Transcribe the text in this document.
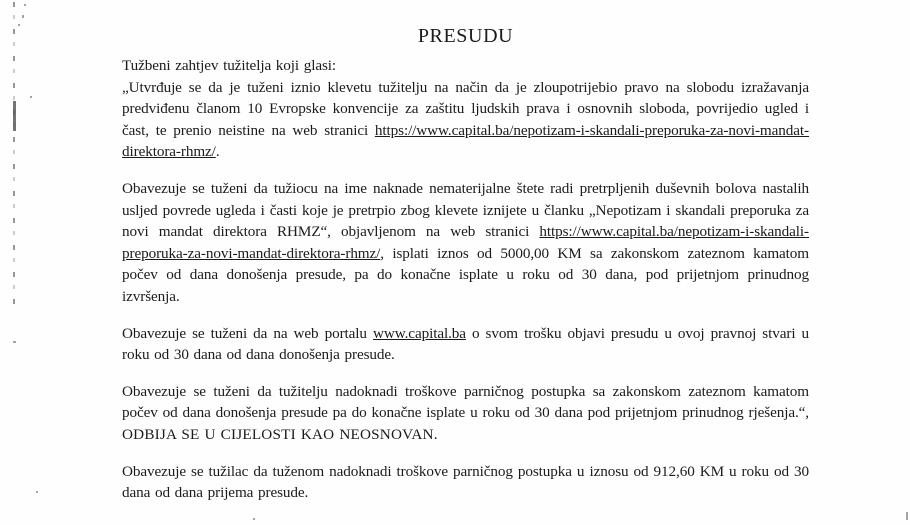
PRESUDU

Tužbeni zahtjev tužitelja koji glasi:
„Utvrđuje se da je tuženi iznio klevetu tužitelju na način da je zloupotrijebio pravo na slobodu izražavanja predviđenu članom 10 Evropske konvencije za zaštitu ljudskih prava i osnovnih sloboda, povrijedio ugled i čast, te prenio neistine na web stranici https://www.capital.ba/nepotizam-i-skandali-preporuka-za-novi-mandat-direktora-rhmz/.

Obavezuje se tuženi da tužiocu na ime naknade nematerijalne štete radi pretrpljenih duševnih bolova nastalih usljed povrede ugleda i časti koje je pretrpio zbog klevete iznijete u članku „Nepotizam i skandali preporuka za novi mandat direktora RHMZ“, objavljenom na web stranici https://www.capital.ba/nepotizam-i-skandali-preporuka-za-novi-mandat-direktora-rhmz/, isplati iznos od 5000,00 KM sa zakonskom zateznom kamatom počev od dana donošenja presude, pa do konačne isplate u roku od 30 dana, pod prijetnjom prinudnog izvršenja.

Obavezuje se tuženi da na web portalu www.capital.ba o svom trošku objavi presudu u ovoj pravnoj stvari u roku od 30 dana od dana donošenja presude.

Obavezuje se tuženi da tužitelju nadoknadi troškove parničnog postupka sa zakonskom zateznom kamatom počev od dana donošenja presude pa do konačne isplate u roku od 30 dana pod prijetnjom prinudnog rješenja.“, ODBIJA SE U CIJELOSTI KAO NEOSNOVAN.

Obavezuje se tužilac da tuženom nadoknadi troškove parničnog postupka u iznosu od 912,60 KM u roku od 30 dana od dana prijema presude.
